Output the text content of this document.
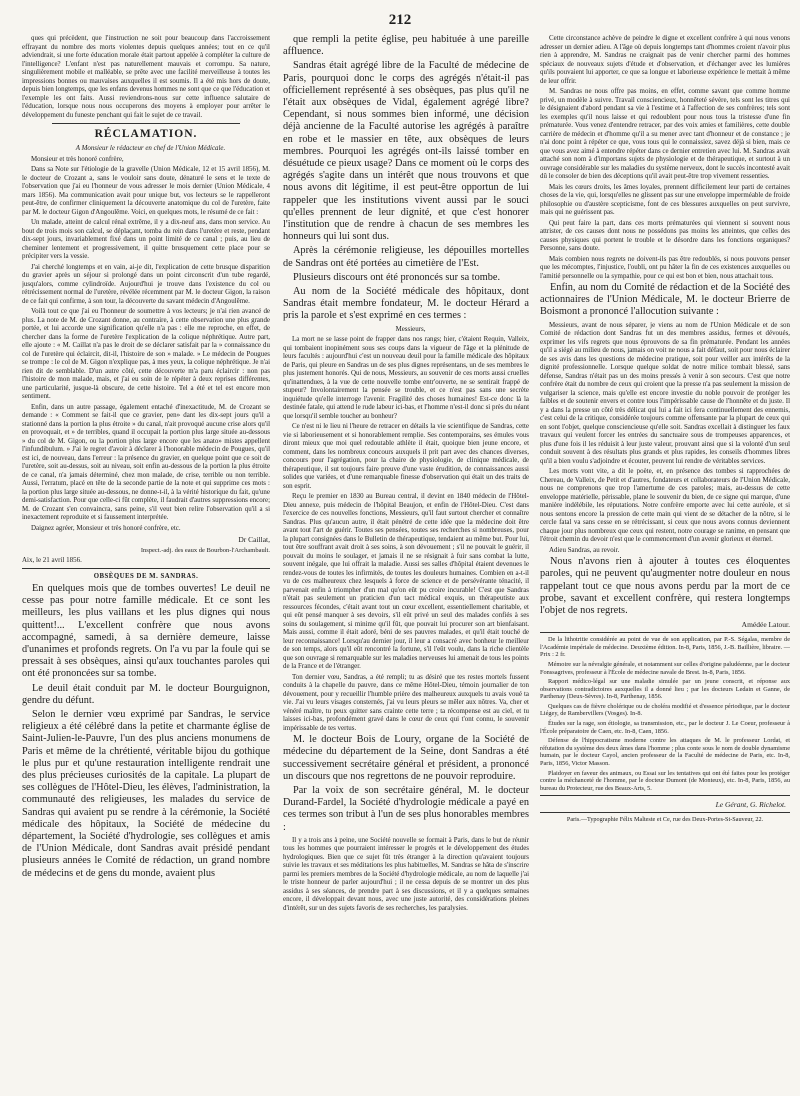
212

ques qui précèdent, que l'instruction ne soit pour beaucoup dans l'accroissement effrayant du nombre des morts violentes depuis quelques années; tout en ce qu'il adviendrait, si une forte éducation morale était partout appelée à compléter la culture de l'intelligence? L'enfant n'est pas naturellement mauvais et corrompu. Sa nature, singulièrement mobile et malléable, se prête avec une facilité merveilleuse à toutes les impressions bonnes ou mauvaises auxquelles il est soumis. Il a été mis hors de doute, depuis bien longtemps, que les enfans devenus hommes ne sont que ce que l'éducation et l'exemple les ont faits. Aussi reviendrons-nous sur cette influence salutaire de l'éducation, lorsque nous nous occuperons des moyens à employer pour arrêter le développement du funeste penchant qui fait le sujet de ce travail.

RÉCLAMATION.

A Monsieur le rédacteur en chef de l'Union Médicale.

Monsieur et très honoré confrère,

Dans sa Note sur l'étiologie de la gravelle (Union Médicale, 12 et 15 avril 1856), M. le docteur de Crozant a, sans le vouloir sans doute, dénaturé le sens et le texte de l'observation que j'ai eu l'honneur de vous adresser le mois dernier (Union Médicale, 4 mars 1856). Ma communication avait pour unique but, vos lecteurs se le rappelleront peut-être, de confirmer cliniquement la découverte anatomique du col de l'uretère, faite par M. le docteur Gigon d'Angoulême. Voici, en quelques mots, le résumé de ce fait :

Un malade, atteint de calcul rénal extrême, il y a dix-neuf ans, dans mon service. Au bout de trois mois son calcul, se déplaçant, tomba du rein dans l'uretère et reste, pendant dix-sept jours, invariablement fixé dans un point limité de ce canal ; puis, au lieu de cheminer lentement et progressivement, il quitte brusquement cette place pour se précipiter vers la vessie.

J'ai cherché longtemps et en vain, ai-je dit, l'explication de cette brusque disparition du gravier après un séjour si prolongé dans un point circonscrit d'un tube regardé, jusqu'alors, comme cylindroïde. Aujourd'hui je trouve dans l'existence du col ou rétrécissement normal de l'uretère, révélée récemment par M. le docteur Gigon, la raison de ce fait qui confirme, à son tour, la découverte du savant médecin d'Angoulême.

Voilà tout ce que j'ai eu l'honneur de soumettre à vos lecteurs; je n'ai rien avancé de plus. La note de M. de Crozant donne, au contraire, à cette observation une plus grande portée, et lui accorde une signification qu'elle n'a pas : elle me reproche, en effet, de chercher dans la forme de l'uretère l'explication de la colique néphrétique. Autre part, elle ajoute : « M. Caillat n'a pas le droit de se déclarer satisfait par la » connaissance du col de l'uretère qui éclaircit, dit-il, l'histoire de son » malade. » Le médecin de Pougues se trompe : le col de M. Gigon n'explique pas, à mes yeux, la colique néphrétique. Je n'ai rien dit de semblable. D'un autre côté, cette découverte m'a paru éclaircir : non pas l'histoire de mon malade, mais, et j'ai eu soin de le répéter à deux reprises différentes, une particularité, jusque-là obscure, de cette histoire. Tel a été et tel est encore mon sentiment.

Enfin, dans un autre passage, également entaché d'inexactitude, M. de Crozant se demande : « Comment se fait-il que ce gravier, pen» dant les dix-sept jours qu'il a stationné dans la portion la plus étroite » du canal, n'ait provoqué aucune crise alors qu'il en provoquait, et » de terribles, quand il occupait la portion plus large située au-dessous » du col de M. Gigon, ou la portion plus large encore que les anato» mistes appellent l'infundibulum. » J'ai le regret d'avoir à déclarer à l'honorable médecin de Pougues, qu'il est ici, de nouveau, dans l'erreur : la présence du gravier, en quelque point que ce soit de l'uretère, soit au-dessus, soit au niveau, soit enfin au-dessous de la portion la plus étroite de ce canal, n'a jamais déterminé, chez mon malade, de crise, terrible ou non terrible. Aussi, l'erratum, placé en tête de la seconde partie de la note et qui supprime ces mots : la portion plus large située au-dessous, ne donne-t-il, à la vérité historique du fait, qu'une demi-satisfaction. Pour que celle-ci fût complète, il faudrait d'autres suppressions encore; M. de Crozant s'en convaincra, sans peine, s'il veut bien relire l'observation qu'il a si inexactement reproduite et si faussement interprétée.

Daignez agréer, Monsieur et très honoré confrère, etc.

Dr Caillat,
Inspect.-adj. des eaux de Bourbon-l'Archambault.
Aix, le 21 avril 1856.
OBSÈQUES DE M. SANDRAS.

En quelques mois que de tombes ouvertes! Le deuil ne cesse pas pour notre famille médicale. Et ce sont les meilleurs, les plus vaillans et les plus dignes qui nous quittent!... L'excellent confrère que nous avons accompagné, samedi, à sa dernière demeure, laisse d'unanimes et profonds regrets. On l'a vu par la foule qui se pressait à ses obsèques, ainsi qu'aux touchantes paroles qui ont été prononcées sur sa tombe.

Le deuil était conduit par M. le docteur Bourguignon, gendre du défunt.

Selon le dernier vœu exprimé par Sandras, le service religieux a été célébré dans la petite et charmante église de Saint-Julien-le-Pauvre, l'un des plus anciens monumens de Paris et même de la chrétienté, véritable bijou du gothique le plus pur et qu'une restauration intelligente rendrait une des plus précieuses curiosités de la capitale. La plupart de ses collègues de l'Hôtel-Dieu, les élèves, l'administration, la communauté des religieuses, les malades du service de Sandras qui avaient pu se rendre à la cérémonie, la Société médicale des hôpitaux, la Société de médecine du département, la Société d'hydrologie, ses collègues et amis de l'Union Médicale, dont Sandras avait présidé pendant plusieurs années le Comité de rédaction, un grand nombre de médecins et de gens du monde, avaient plus

que rempli la petite église, peu habituée à une pareille affluence.

Sandras était agrégé libre de la Faculté de médecine de Paris, pourquoi donc le corps des agrégés n'était-il pas officiellement représenté à ses obsèques, pas plus qu'il ne l'était aux obsèques de Vidal, également agrégé libre? Cependant, si nous sommes bien informé, une décision déjà ancienne de la Faculté autorise les agrégés à paraître en robe et le massier en tête, aux obsèques de leurs membres. Pourquoi les agrégés ont-ils laissé tomber en désuétude ce pieux usage? Dans ce moment où le corps des agrégés s'agite dans un intérêt que nous trouvons et que nous avons dit légitime, il est peut-être opportun de lui rappeler que les institutions vivent aussi par le souci qu'elles prennent de leur dignité, et que c'est honorer l'institution que de rendre à chacun de ses membres les honneurs qui lui sont dus.

Après la cérémonie religieuse, les dépouilles mortelles de Sandras ont été portées au cimetière de l'Est.

Plusieurs discours ont été prononcés sur sa tombe.

Au nom de la Société médicale des hôpitaux, dont Sandras était membre fondateur, M. le docteur Hérard a pris la parole et s'est exprimé en ces termes :

Messieurs,

La mort ne se lasse point de frapper dans nos rangs; hier, c'étaient Requin, Valleix, qui tombaient inopinément sous ses coups dans la vigueur de l'âge et la plénitude de leurs facultés : aujourd'hui c'est un nouveau deuil pour la famille médicale des hôpitaux de Paris, qui pleure en Sandras un de ses plus dignes représentans, un de ses membres le plus justement honorés. Qui de nous, Messieurs, au souvenir de ces morts aussi cruelles qu'inattendues, à la vue de cette nouvelle tombe entr'ouverte, ne se sentirait frappé de stupeur? Involontairement la pensée se trouble, et ce n'est pas sans une secrète inquiétude qu'elle interroge l'avenir. Fragilité des choses humaines! Est-ce donc là la destinée fatale, qui attend le rude labeur ici-bas, et l'homme n'est-il donc si près du néant que lorsqu'il semble toucher au bonheur?

Ce n'est ni le lieu ni l'heure de retracer en détails la vie scientifique de Sandras, cette vie si laborieusement et si honorablement remplie. Ses contemporains, ses émules vous diront mieux que moi quel redoutable athlète il était, quoique bien jeune encore, et comment, dans les nombreux concours auxquels il prit part avec des chances diverses, concours pour l'agrégation, pour la chaire de physiologie, de clinique médicale, de thérapeutique, il sut toujours faire preuve d'une vaste érudition, de connaissances aussi solides que variées, et d'une remarquable finesse d'observation qui était un des traits de son esprit.

Reçu le premier en 1830 au Bureau central, il devint en 1840 médecin de l'Hôtel-Dieu annexe, puis médecin de l'hôpital Beaujon, et enfin de l'Hôtel-Dieu. C'est dans l'exercice de ces nouvelles fonctions, Messieurs, qu'il faut surtout chercher et connaître Sandras. Plus qu'aucun autre, il était pénétré de cette idée que la médecine doit être avant tout l'art de guérir. Toutes ses pensées, toutes ses recherches si nombreuses, pour la plupart consignées dans le Bulletin de thérapeutique, tendaient au même but. Pour lui, tout être souffrant avait droit à ses soins, à son dévouement ; s'il ne pouvait le guérir, il pouvait du moins le soulager, et jamais il ne se résignait à fuir sans combat la lutte, souvent inégale, que lui offrait la maladie. Aussi ses salles d'hôpital étaient devenues le rendez-vous de toutes les infirmités, de toutes les douleurs humaines. Combien en a-t-il vu de ces malheureux chez lesquels à force de science et de persévérante ténacité, il parvenait enfin à triompher d'un mal qu'on eût pu croire incurable! C'est que Sandras n'était pas seulement un praticien d'un tact médical exquis, un thérapeutiste aux ressources fécondes, c'était avant tout un cœur excellent, essentiellement charitable, et qui eût pensé manquer à ses devoirs, s'il eût privé un seul des malades confiés à ses soins du soulagement, si minime qu'il fût, que pouvait lui procurer son art bienfaisant. Mais aussi, comme il était adoré, béni de ses pauvres malades, et qu'il était touché de leur reconnaissance! Lorsqu'au dernier jour, il leur a consacré avec bonheur le meilleur de son temps, alors qu'il eût rencontré la fortune, s'il l'eût voulu, dans la riche clientèle que son ouvrage si remarquable sur les maladies nerveuses lui amenait de tous les points de la France et de l'étranger.

Ton dernier vœu, Sandras, a été rempli; tu as désiré que tes restes mortels fussent conduits à la chapelle du pauvre, dans ce même Hôtel-Dieu, témoin journalier de ton dévouement, pour y recueillir l'humble prière des malheureux auxquels tu avais voué ta vie. J'ai vu leurs visages consternés, j'ai vu leurs pleurs se mêler aux nôtres. Va, cher et vénéré maître, tu peux quitter sans crainte cette terre ; ta récompense est au ciel, et tu laisses ici-bas, profondément gravé dans le cœur de ceux qui t'ont connu, le souvenir impérissable de tes vertus.

M. le docteur Bois de Loury, organe de la Société de médecine du département de la Seine, dont Sandras a été successivement secrétaire général et président, a prononcé un discours que nos regrettons de ne pouvoir reproduire.

Par la voix de son secrétaire général, M. le docteur Durand-Fardel, la Société d'hydrologie médicale a payé en ces termes son tribut à l'un de ses plus honorables membres :

Il y a trois ans à peine, une Société nouvelle se formait à Paris, dans le but de réunir tous les hommes que pourraient intéresser le progrès et le développement des études hydrologiques. Bien que ce sujet fût très étranger à la direction qu'avaient toujours suivie les travaux et ses méditations les plus habituelles, M. Sandras se hâta de s'inscrire parmi les premiers membres de la Société d'hydrologie médicale, au nom de laquelle j'ai le triste honneur de parler aujourd'hui ; il ne cessa depuis de se montrer un des plus assidus à ses séances, de prendre part à ses discussions, et il y a quelques semaines encore, il développait devant nous, avec une juste autorité, des considérations pleines d'intérêt, sur un des sujets favoris de ses recherches, les paralysies.

Cette circonstance achève de peindre le digne et excellent confrère à qui nous venons adresser un dernier adieu. A l'âge où depuis longtemps tant d'hommes croient n'avoir plus rien à apprendre, M. Sandras ne craignait pas de venir chercher parmi des hommes spéciaux de nouveaux sujets d'étude et d'observation, et d'échanger avec les lumières qu'ils pouvaient lui apporter, ce que sa longue et laborieuse expérience le mettait à même de leur offrir.

M. Sandras ne nous offre pas moins, en effet, comme savant que comme homme privé, un modèle à suivre. Travail consciencieux, honnêteté sévère, tels sont les titres qui le désignaient d'abord pendant sa vie à l'estime et à l'affection de ses confrères; tels sont les exemples qu'il nous laisse et qui redoublent pour nous tous la tristesse d'une fin prématurée. Vous venez d'entendre retracer, par des voix amies et familières, cette double carrière de médecin et d'homme qu'il a su mener avec tant d'honneur et de constance ; je n'ai donc point à répéter ce que, vous tous qui le connaissiez, savez déjà si bien, mais ce que vous avez aimé à entendre répéter dans ce dernier entretien avec lui. M. Sandras avait attaché son nom à d'importans sujets de physiologie et de thérapeutique, et surtout à un ouvrage considérable sur les maladies du système nerveux, dont le succès incontesté avait dû le consoler de bien des déceptions qu'il avait peut-être trop vivement ressenties.

Mais les cœurs droits, les âmes loyales, prennent difficilement leur parti de certaines choses de la vie, qui, lorsqu'elles ne glissent pas sur une enveloppe imperméable de froide philosophie ou d'austère scepticisme, font de ces blessures auxquelles on peut survivre, mais qui ne guérissent pas.

Qui peut faire la part, dans ces morts prématurées qui viennent si souvent nous attrister, de ces causes dont nous ne possédons pas moins les atteintes, que celles des causes physiques qui portent le trouble et le désordre dans les fonctions organiques? Personne, sans doute.

Mais combien nous regrets ne doivent-ils pas être redoublés, si nous pouvons penser que les mécomptes, l'injustice, l'oubli, ont pu hâter la fin de ces existences auxquelles ou l'amitié personnelle ou la sympathie, pour ce qui est bon et bien, nous attachait tous.

Enfin, au nom du Comité de rédaction et de la Société des actionnaires de l'Union Médicale, M. le docteur Brierre de Boismont a prononcé l'allocution suivante :

Messieurs, avant de nous séparer, je viens au nom de l'Union Médicale et de son Comité de rédaction dont Sandras fut un des membres assidus, fermes et dévoués, exprimer les vifs regrets que nous éprouvons de sa fin prématurée. Pendant les années qu'il a siégé au milieu de nous, jamais on voit ne nous a fait défaut, soit pour nous éclairer de ses avis dans les questions de médecine pratique, soit pour veiller aux intérêts de la dignité professionnelle. Lorsque quelque soldat de notre milice tombait blessé, sans défense, Sandras n'était pas un des moins pressés à venir à son secours. C'est que notre confrère était du nombre de ceux qui croient que la presse n'a pas seulement la mission de vulgariser la science, mais qu'elle est encore investie du noble pouvoir de protéger les faibles et de soutenir envers et contre tous l'impérissable cause de l'honnête et du juste. Il y a dans la presse un côté très délicat qui lui a fait ici fera continuellement des ennemis, c'est celui de la critique, considérée toujours comme offensante par la plupart de ceux qui en sont l'objet, quelque consciencieuse qu'elle soit. Sandras excellait à distinguer les faux travaux qui veulent forcer les entrées du sanctuaire sous de trompeuses apparences, et plus d'une fois il les réduisit à leur juste valeur, prouvant ainsi que si la volonté d'un seul conduit souvent à des résultats plus grands et plus rapides, les conseils d'hommes libres qu'il a bien voulu s'adjoindre et écouter, peuvent lui rendre de véritables services.

Les morts vont vite, a dit le poète, et, en présence des tombes si rapprochées de Chereau, de Valleix, de Petit et d'autres, fondateurs et collaborateurs de l'Union Médicale, nous ne comprenons que trop l'amertume de ces paroles; mais, au-dessus de cette enveloppe matérielle, périssable, plane le souvenir du bien, de ce signe qui marque, d'une manière indélébile, les réputations. Notre confrère emporte avec lui cette auréole, et si nous sentons encore la pression de cette main qui vient de se détacher de la nôtre, si le cercle fatal va sans cesse en se rétrécissant, si ceux que nous avons connus deviennent chaque jour plus nombreux que ceux qui restent, notre courage se ranime, en pensant que l'étroit chemin du devoir n'est que le commencement d'un avenir glorieux et éternel.

Adieu Sandras, au revoir.

Nous n'avons rien à ajouter à toutes ces éloquentes paroles, qui ne peuvent qu'augmenter notre douleur en nous rappelant tout ce que nous avons perdu par la mort de ce probe, savant et excellent confrère, qui restera longtemps l'objet de nos regrets.

Amédée Latour.

De la lithotritie considérée au point de vue de son application, par P.-S. Ségalas, membre de l'Académie impériale de médecine. Deuxième édition. In-8, Paris, 1856, J.-B. Baillière, libraire. — Prix : 2 fr.

Mémoire sur la névralgie générale, et notamment sur celles d'origine paludéenne, par le docteur Fonssagrives, professeur à l'École de médecine navale de Brest. In-8, Paris, 1856.

Rapport médico-légal sur une maladie simulée par un jeune conscrit, et réponse aux observations contradictoires auxquelles il a donné lieu ; par les docteurs Ledain et Ganne, de Parthenay (Deux-Sèvres). In-8, Parthenay, 1856.

Quelques cas de fièvre cholérique ou de choléra modifié et d'essence périodique, par le docteur Liégey, de Rambervillers (Vosges). In-8.

Études sur la rage, son étiologie, sa transmission, etc., par le docteur J. Le Coeur, professeur à l'École préparatoire de Caen, etc. In-8, Caen, 1856.

Défense de l'hippocratisme moderne contre les attaques de M. le professeur Lordat, et réfutation du système des deux âmes dans l'homme ; plus conte sous le nom de double dynamisme humain, par le docteur Cayol, ancien professeur de la Faculté de médecine de Paris, etc. In-8, Paris, 1856, Victor Masson.

Plaidoyer en faveur des animaux, ou Essai sur les tentatives qui ont été faites pour les protéger contre la méchanceté de l'homme, par le docteur Dumont (de Monteux), etc. In-8, Paris, 1856, au bureau du Protecteur, rue des Beaux-Arts, 5.

Le Gérant, G. Richelot.
Paris.—Typographie Félix Malteste et Ce, rue des Deux-Portes-St-Sauveur, 22.
